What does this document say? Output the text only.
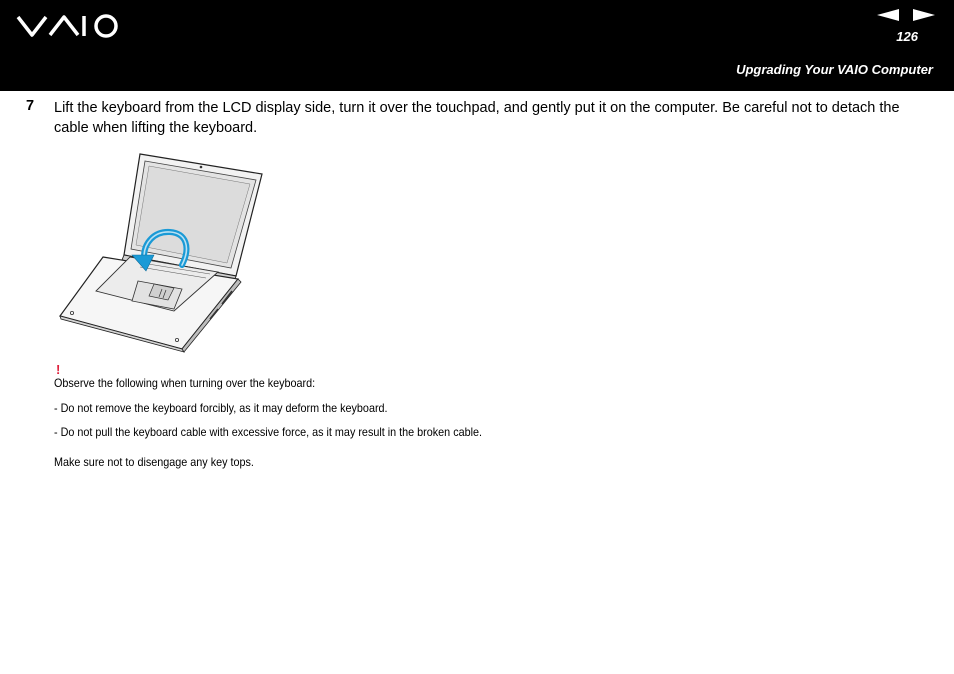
126
Upgrading Your VAIO Computer
7 Lift the keyboard from the LCD display side, turn it over the touchpad, and gently put it on the computer. Be careful not to detach the cable when lifting the keyboard.
!
Observe the following when turning over the keyboard:
- Do not remove the keyboard forcibly, as it may deform the keyboard.
- Do not pull the keyboard cable with excessive force, as it may result in the broken cable.
Make sure not to disengage any key tops.
